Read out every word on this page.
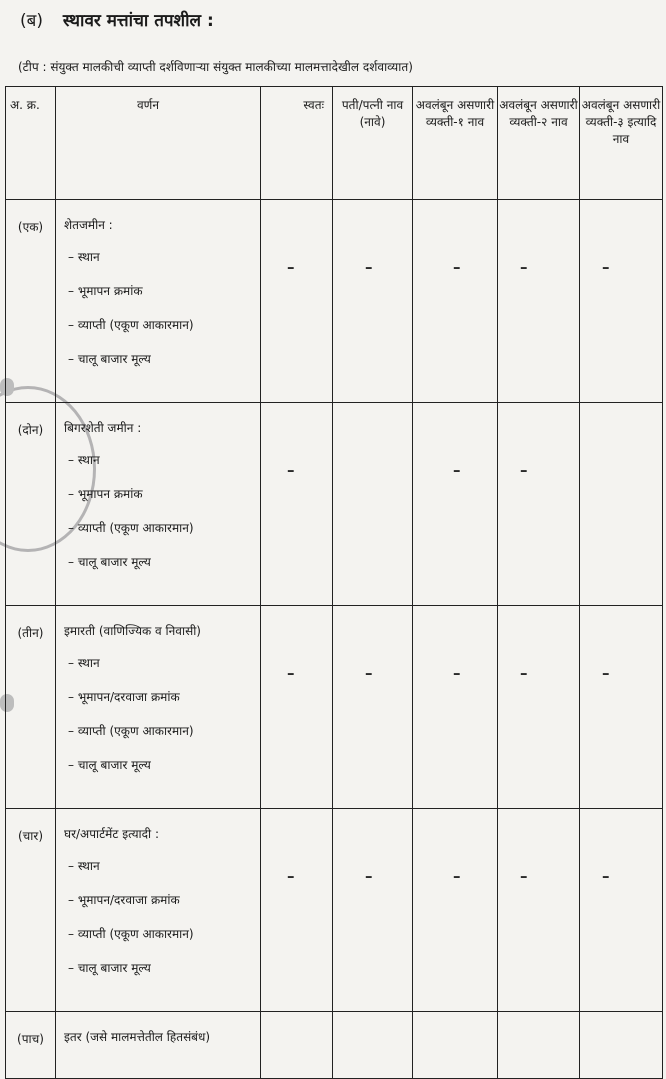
(ब) स्थावर मत्तांचा तपशील :
(टीप : संयुक्त मालकीची व्याप्ती दर्शविणाऱ्या संयुक्त मालकीच्या मालमत्तादेखील दर्शवाव्यात)
अ. क्र.	वर्णन	स्वतः	पती/पत्नी नाव (नावे)	अवलंबून असणारी व्यक्ती-१ नाव	अवलंबून असणारी व्यक्ती-२ नाव	अवलंबून असणारी व्यक्ती-३ इत्यादि नाव
(एक)	शेतजमीन :
– स्थान
– भूमापन क्रमांक
– व्याप्ती (एकूण आकारमान)
– चालू बाजार मूल्य	–	–	–	–	–

(दोन)	बिगरशेती जमीन :
– स्थान
– भूमापन क्रमांक
– व्याप्ती (एकूण आकारमान)
– चालू बाजार मूल्य	–		–	–	

(तीन)	इमारती (वाणिज्यिक व निवासी)
– स्थान
– भूमापन/दरवाजा क्रमांक
– व्याप्ती (एकूण आकारमान)
– चालू बाजार मूल्य	–	–	–	–	–

(चार)	घर/अपार्टमेंट इत्यादी :
– स्थान
– भूमापन/दरवाजा क्रमांक
– व्याप्ती (एकूण आकारमान)
– चालू बाजार मूल्य	–	–	–	–	–

(पाच)	इतर (जसे मालमत्तेतील हितसंबंध)					
